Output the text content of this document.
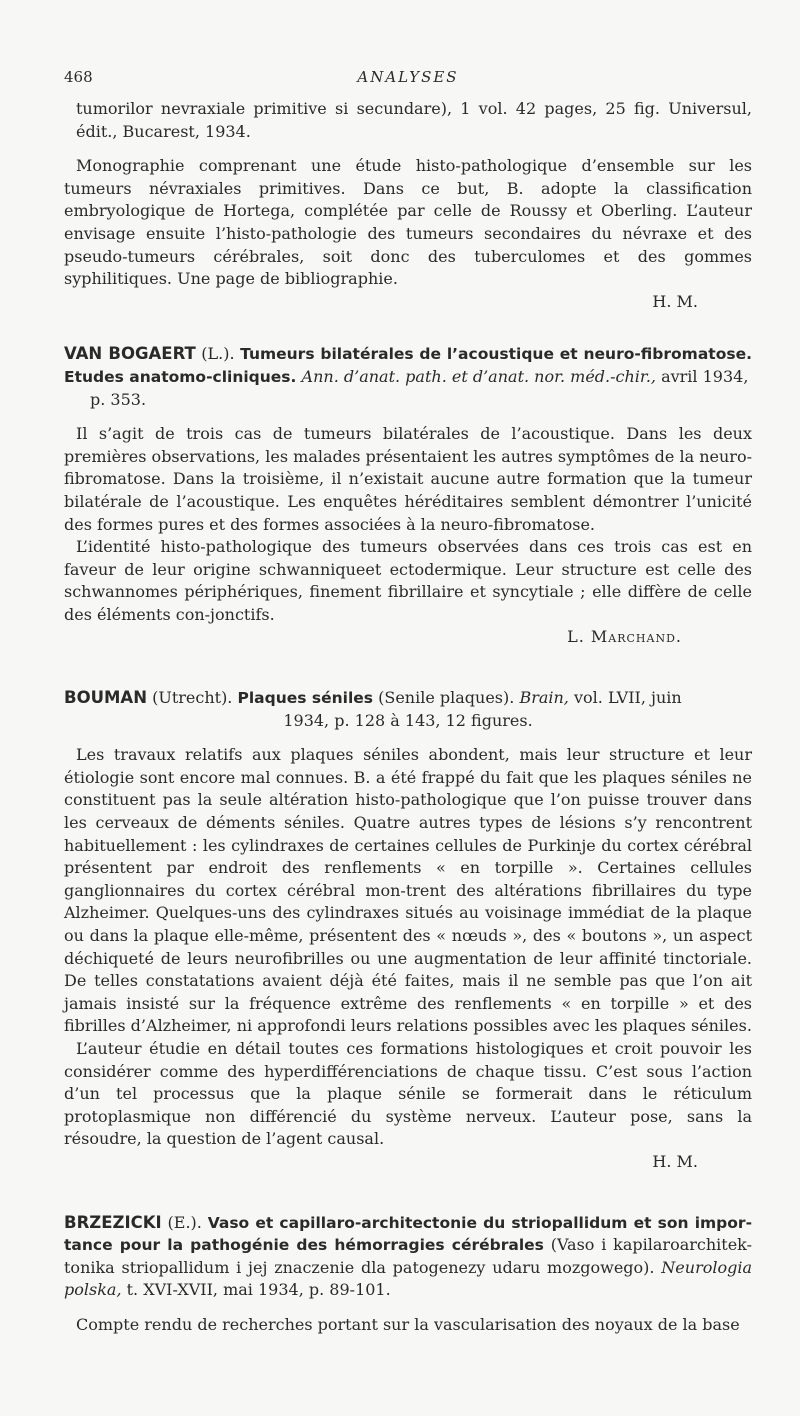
468	ANALYSES

tumorilor nevraxiale primitive si secundare), 1 vol. 42 pages, 25 fig. Universul, édit., Bucarest, 1934.

Monographie comprenant une étude histo-pathologique d’ensemble sur les tumeurs névraxiales primitives. Dans ce but, B. adopte la classification embryologique de Hortega, complétée par celle de Roussy et Oberling. L’auteur envisage ensuite l’histo-pathologie des tumeurs secondaires du névraxe et des pseudo-tumeurs cérébrales, soit donc des tuberculomes et des gommes syphilitiques. Une page de bibliographie.

H. M.

VAN BOGAERT (L.). Tumeurs bilatérales de l’acoustique et neuro-fibromatose. Etudes anatomo-cliniques. Ann. d’anat. path. et d’anat. nor. méd.-chir., avril 1934,
p. 353.

Il s’agit de trois cas de tumeurs bilatérales de l’acoustique. Dans les deux premières observations, les malades présentaient les autres symptômes de la neuro-fibromatose. Dans la troisième, il n’existait aucune autre formation que la tumeur bilatérale de l’acoustique. Les enquêtes héréditaires semblent démontrer l’unicité des formes pures et des formes associées à la neuro-fibromatose.

L’identité histo-pathologique des tumeurs observées dans ces trois cas est en faveur de leur origine schwanniqueet ectodermique. Leur structure est celle des schwannomes périphériques, finement fibrillaire et syncytiale ; elle diffère de celle des éléments con-jonctifs.

L. Marchand.

BOUMAN (Utrecht). Plaques séniles (Senile plaques). Brain, vol. LVII, juin
1934, p. 128 à 143, 12 figures.

Les travaux relatifs aux plaques séniles abondent, mais leur structure et leur étiologie sont encore mal connues. B. a été frappé du fait que les plaques séniles ne constituent pas la seule altération histo-pathologique que l’on puisse trouver dans les cerveaux de déments séniles. Quatre autres types de lésions s’y rencontrent habituellement : les cylindraxes de certaines cellules de Purkinje du cortex cérébral présentent par endroit des renflements « en torpille ». Certaines cellules ganglionnaires du cortex cérébral mon-trent des altérations fibrillaires du type Alzheimer. Quelques-uns des cylindraxes situés au voisinage immédiat de la plaque ou dans la plaque elle-même, présentent des « nœuds », des « boutons », un aspect déchiqueté de leurs neurofibrilles ou une augmentation de leur affinité tinctoriale. De telles constatations avaient déjà été faites, mais il ne semble pas que l’on ait jamais insisté sur la fréquence extrême des renflements « en torpille » et des fibrilles d’Alzheimer, ni approfondi leurs relations possibles avec les plaques séniles.

L’auteur étudie en détail toutes ces formations histologiques et croit pouvoir les considérer comme des hyperdifférenciations de chaque tissu. C’est sous l’action d’un tel processus que la plaque sénile se formerait dans le réticulum protoplasmique non différencié du système nerveux. L’auteur pose, sans la résoudre, la question de l’agent causal.

H. M.

BRZEZICKI (E.). Vaso et capillaro-architectonie du striopallidum et son impor-tance pour la pathogénie des hémorragies cérébrales (Vaso i kapilaroarchitek-tonika striopallidum i jej znaczenie dla patogenezy udaru mozgowego). Neurologia polska, t. XVI-XVII, mai 1934, p. 89-101.

Compte rendu de recherches portant sur la vascularisation des noyaux de la base
